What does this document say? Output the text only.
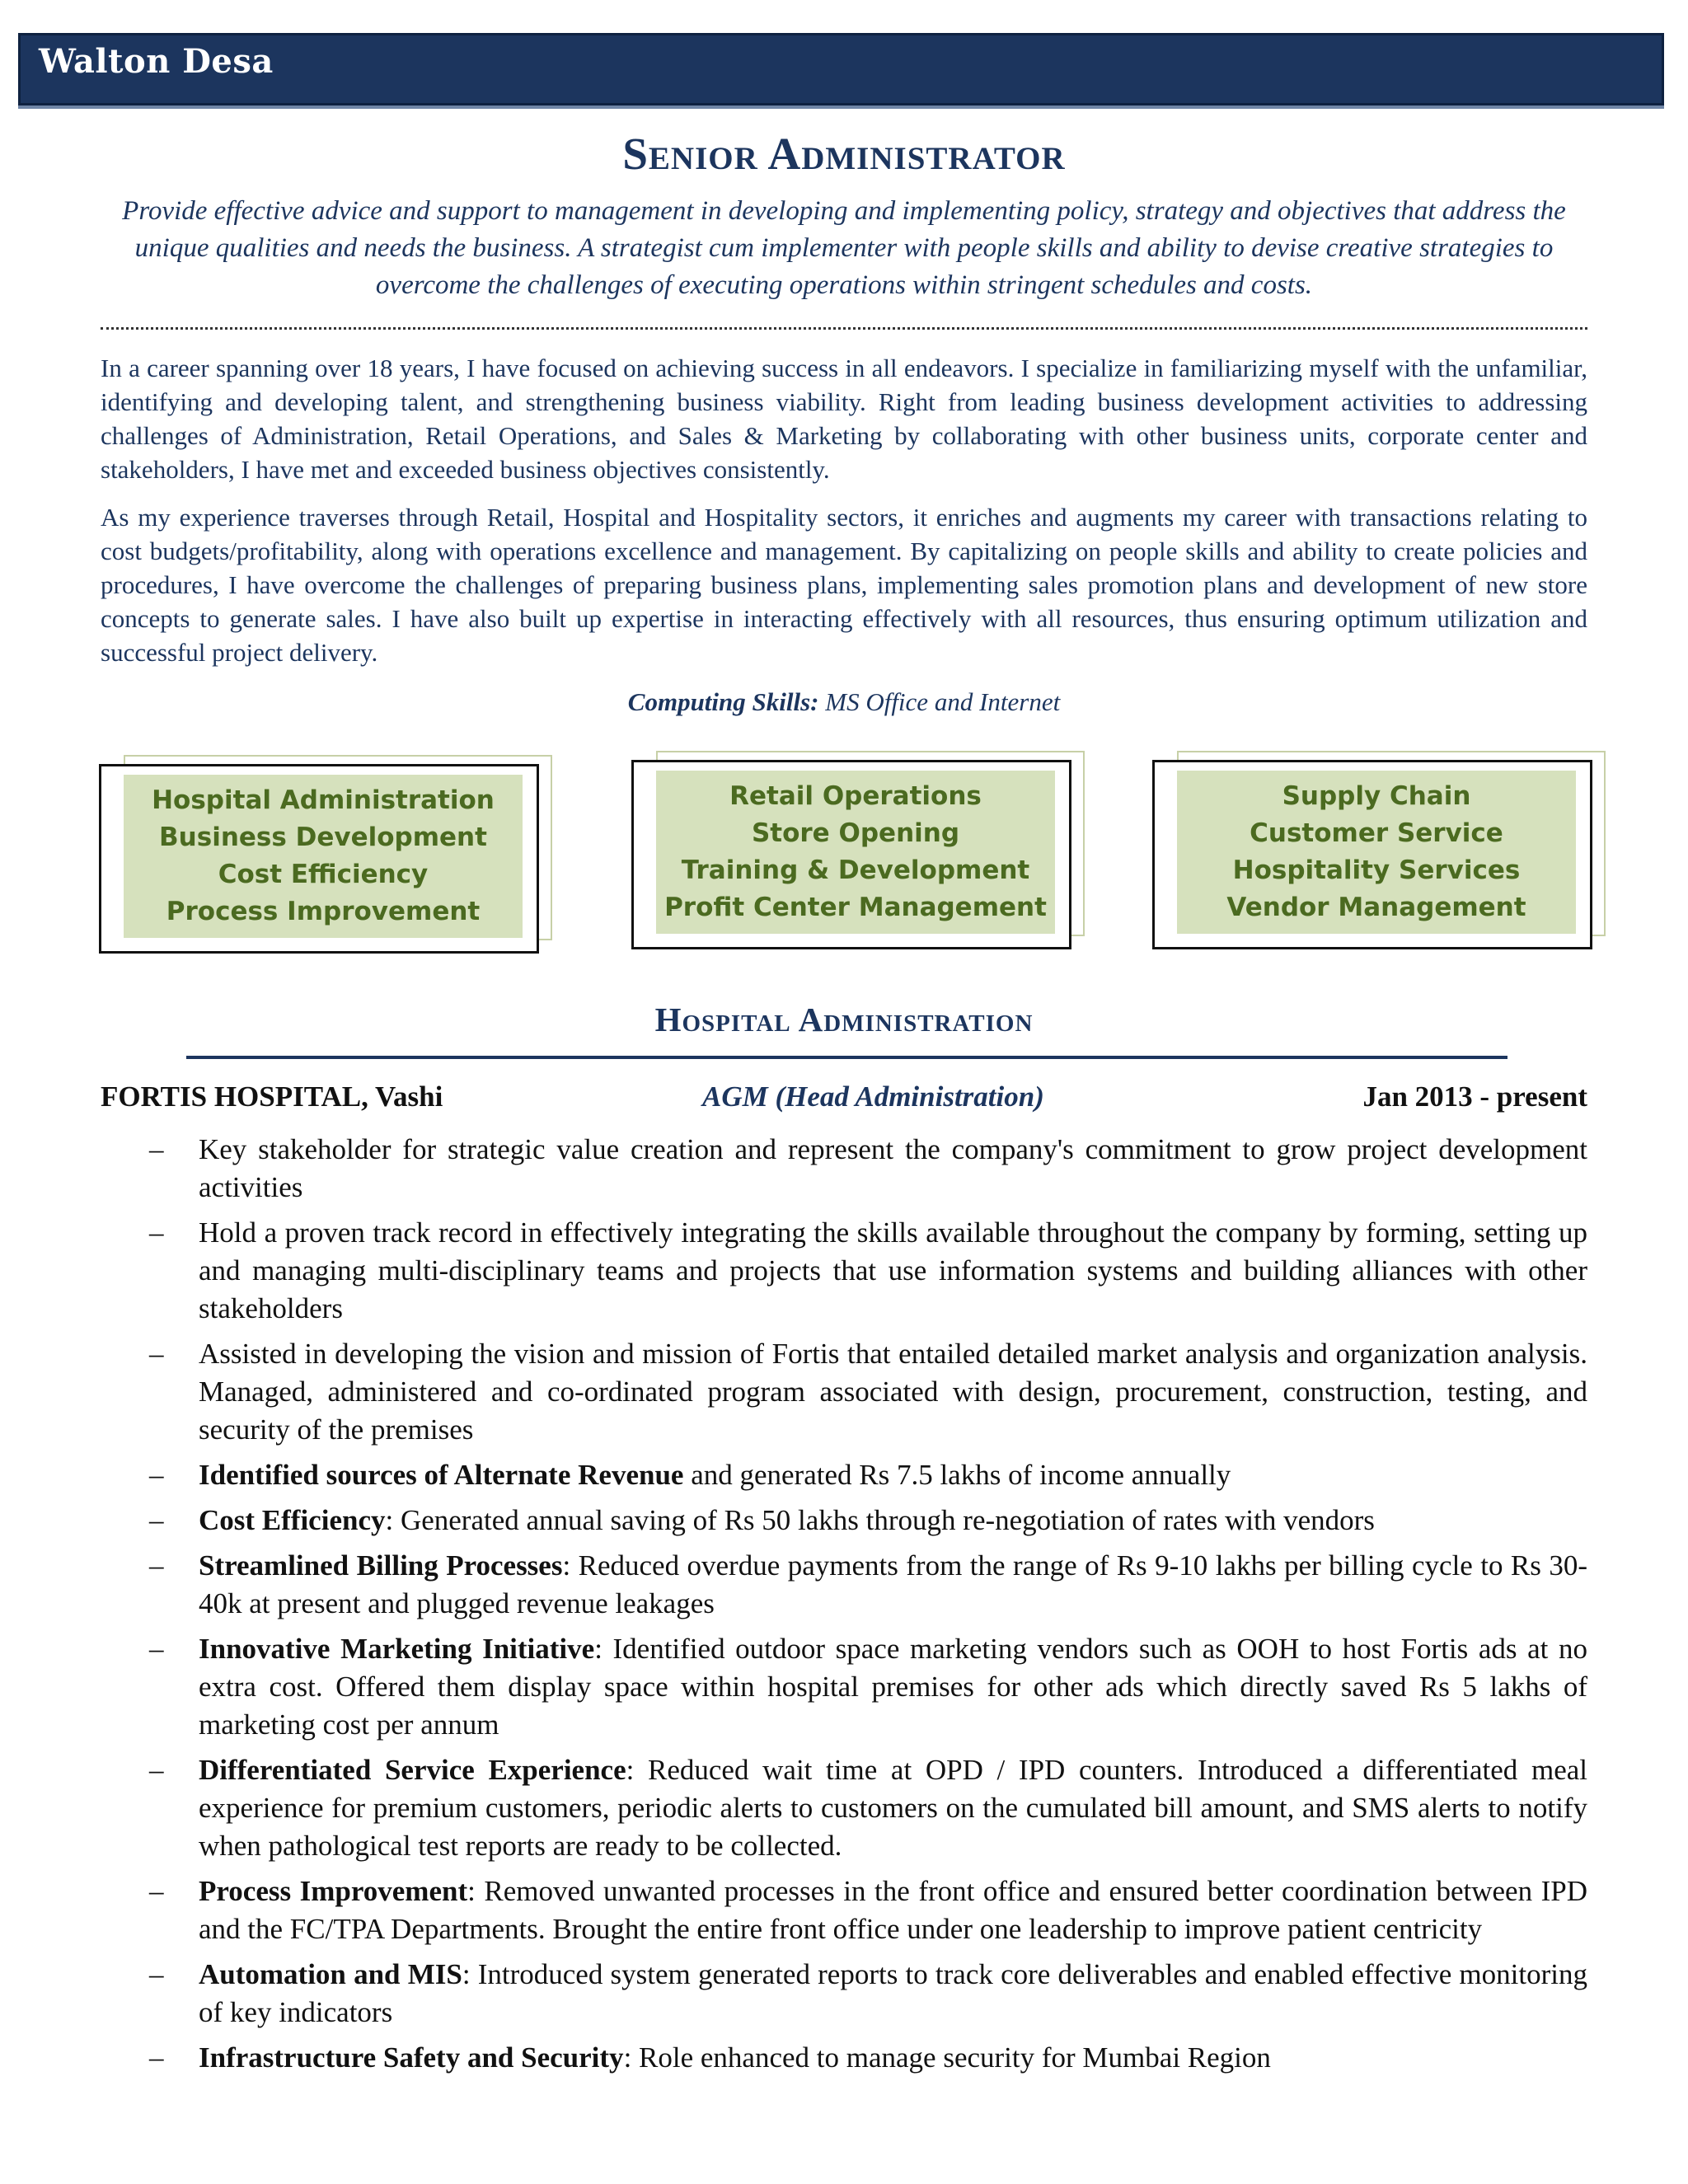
Walton Desa
Senior Administrator
Provide effective advice and support to management in developing and implementing policy, strategy and objectives that address the unique qualities and needs the business. A strategist cum implementer with people skills and ability to devise creative strategies to overcome the challenges of executing operations within stringent schedules and costs.
In a career spanning over 18 years, I have focused on achieving success in all endeavors. I specialize in familiarizing myself with the unfamiliar, identifying and developing talent, and strengthening business viability. Right from leading business development activities to addressing challenges of Administration, Retail Operations, and Sales & Marketing by collaborating with other business units, corporate center and stakeholders, I have met and exceeded business objectives consistently.
As my experience traverses through Retail, Hospital and Hospitality sectors, it enriches and augments my career with transactions relating to cost budgets/profitability, along with operations excellence and management. By capitalizing on people skills and ability to create policies and procedures, I have overcome the challenges of preparing business plans, implementing sales promotion plans and development of new store concepts to generate sales. I have also built up expertise in interacting effectively with all resources, thus ensuring optimum utilization and successful project delivery.
Computing Skills: MS Office and Internet
Hospital Administration
Business Development
Cost Efficiency
Process Improvement
Retail Operations
Store Opening
Training & Development
Profit Center Management
Supply Chain
Customer Service
Hospitality Services
Vendor Management
Hospital Administration
FORTIS HOSPITAL, Vashi	AGM (Head Administration)	Jan 2013 - present
– Key stakeholder for strategic value creation and represent the company's commitment to grow project development activities
– Hold a proven track record in effectively integrating the skills available throughout the company by forming, setting up and managing multi-disciplinary teams and projects that use information systems and building alliances with other stakeholders
– Assisted in developing the vision and mission of Fortis that entailed detailed market analysis and organization analysis. Managed, administered and co-ordinated program associated with design, procurement, construction, testing, and security of the premises
– Identified sources of Alternate Revenue and generated Rs 7.5 lakhs of income annually
– Cost Efficiency: Generated annual saving of Rs 50 lakhs through re-negotiation of rates with vendors
– Streamlined Billing Processes: Reduced overdue payments from the range of Rs 9-10 lakhs per billing cycle to Rs 30-40k at present and plugged revenue leakages
– Innovative Marketing Initiative: Identified outdoor space marketing vendors such as OOH to host Fortis ads at no extra cost. Offered them display space within hospital premises for other ads which directly saved Rs 5 lakhs of marketing cost per annum
– Differentiated Service Experience: Reduced wait time at OPD / IPD counters. Introduced a differentiated meal experience for premium customers, periodic alerts to customers on the cumulated bill amount, and SMS alerts to notify when pathological test reports are ready to be collected.
– Process Improvement: Removed unwanted processes in the front office and ensured better coordination between IPD and the FC/TPA Departments. Brought the entire front office under one leadership to improve patient centricity
– Automation and MIS: Introduced system generated reports to track core deliverables and enabled effective monitoring of key indicators
– Infrastructure Safety and Security: Role enhanced to manage security for Mumbai Region
